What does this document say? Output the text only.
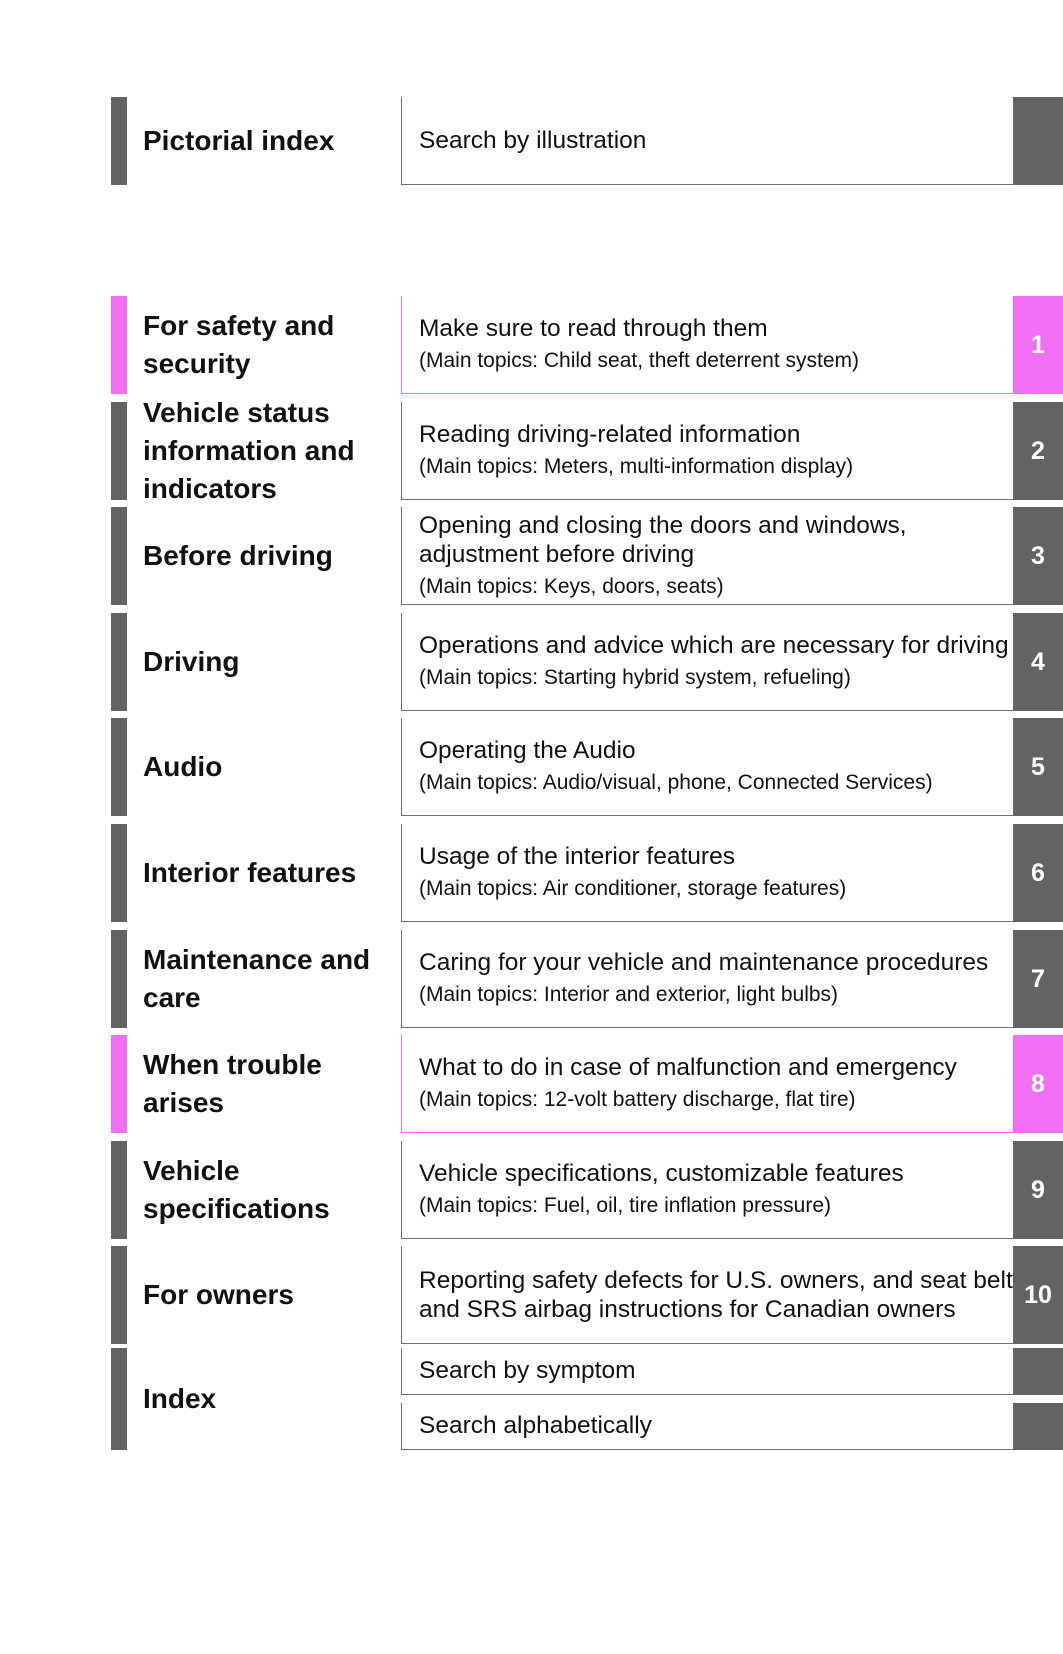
Pictorial index	Search by illustration
For safety and security
Make sure to read through them
(Main topics: Child seat, theft deterrent system)
1
Vehicle status information and indicators
Reading driving-related information
(Main topics: Meters, multi-information display)
2
Before driving
Opening and closing the doors and windows, adjustment before driving
(Main topics: Keys, doors, seats)
3
Driving
Operations and advice which are necessary for driving
(Main topics: Starting hybrid system, refueling)
4
Audio
Operating the Audio
(Main topics: Audio/visual, phone, Connected Services)
5
Interior features
Usage of the interior features
(Main topics: Air conditioner, storage features)
6
Maintenance and care
Caring for your vehicle and maintenance procedures
(Main topics: Interior and exterior, light bulbs)
7
When trouble arises
What to do in case of malfunction and emergency
(Main topics: 12-volt battery discharge, flat tire)
8
Vehicle specifications
Vehicle specifications, customizable features
(Main topics: Fuel, oil, tire inflation pressure)
9
For owners	Reporting safety defects for U.S. owners, and seat belt and SRS airbag instructions for Canadian owners
10
Index
Search by symptom
Search alphabetically
